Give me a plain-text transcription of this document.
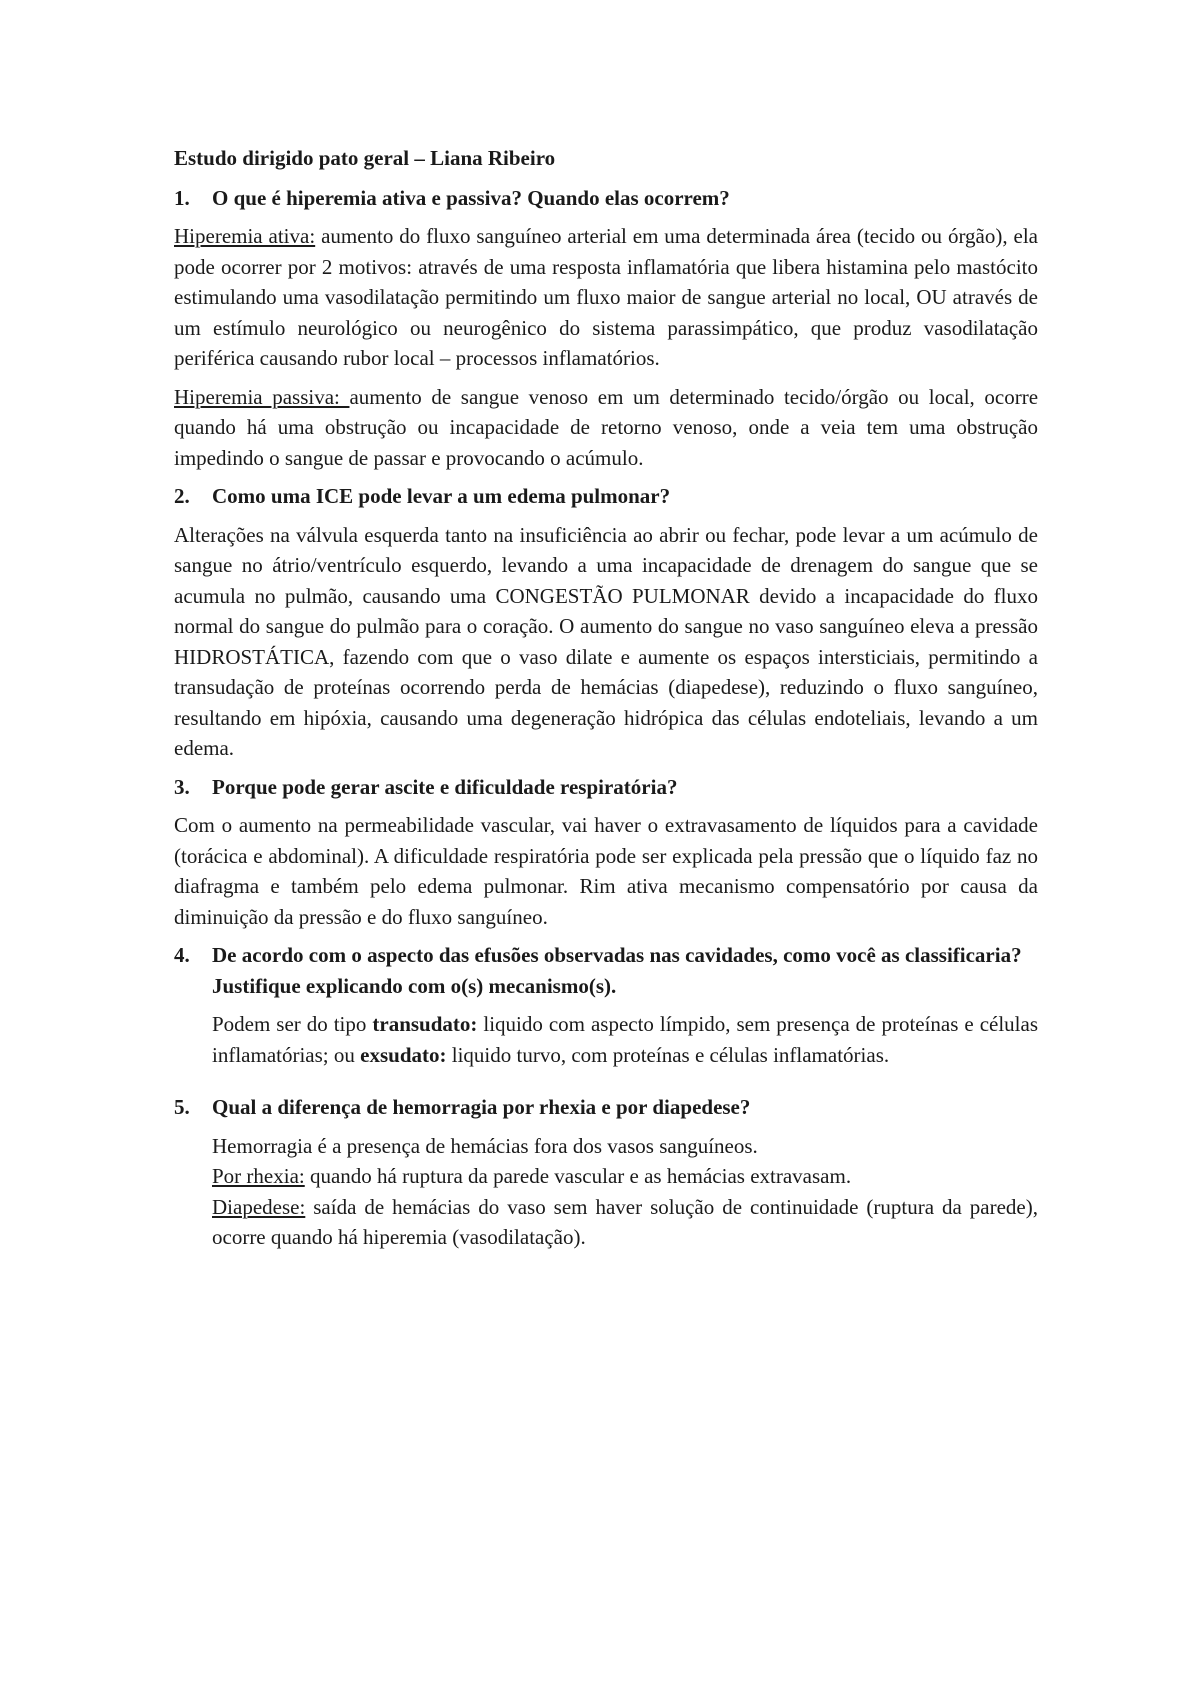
Estudo dirigido pato geral – Liana Ribeiro
1.	O que é hiperemia ativa e passiva? Quando elas ocorrem?

Hiperemia ativa: aumento do fluxo sanguíneo arterial em uma determinada área (tecido ou órgão), ela pode ocorrer por 2 motivos: através de uma resposta inflamatória que libera histamina pelo mastócito estimulando uma vasodilatação permitindo um fluxo maior de sangue arterial no local, OU através de um estímulo neurológico ou neurogênico do sistema parassimpático, que produz vasodilatação periférica causando rubor local – processos inflamatórios.

Hiperemia passiva: aumento de sangue venoso em um determinado tecido/órgão ou local, ocorre quando há uma obstrução ou incapacidade de retorno venoso, onde a veia tem uma obstrução impedindo o sangue de passar e provocando o acúmulo.

2.	Como uma ICE pode levar a um edema pulmonar?

Alterações na válvula esquerda tanto na insuficiência ao abrir ou fechar, pode levar a um acúmulo de sangue no átrio/ventrículo esquerdo, levando a uma incapacidade de drenagem do sangue que se acumula no pulmão, causando uma CONGESTÃO PULMONAR devido a incapacidade do fluxo normal do sangue do pulmão para o coração. O aumento do sangue no vaso sanguíneo eleva a pressão HIDROSTÁTICA, fazendo com que o vaso dilate e aumente os espaços intersticiais, permitindo a transudação de proteínas ocorrendo perda de hemácias (diapedese), reduzindo o fluxo sanguíneo, resultando em hipóxia, causando uma degeneração hidrópica das células endoteliais, levando a um edema.

3.	Porque pode gerar ascite e dificuldade respiratória?

Com o aumento na permeabilidade vascular, vai haver o extravasamento de líquidos para a cavidade (torácica e abdominal). A dificuldade respiratória pode ser explicada pela pressão que o líquido faz no diafragma e também pelo edema pulmonar. Rim ativa mecanismo compensatório por causa da diminuição da pressão e do fluxo sanguíneo.

4.	De acordo com o aspecto das efusões observadas nas cavidades, como você as classificaria? Justifique explicando com o(s) mecanismo(s).

Podem ser do tipo transudato: liquido com aspecto límpido, sem presença de proteínas e células inflamatórias; ou exsudato: liquido turvo, com proteínas e células inflamatórias.

5.	Qual a diferença de hemorragia por rhexia e por diapedese?

Hemorragia é a presença de hemácias fora dos vasos sanguíneos.

Por rhexia: quando há ruptura da parede vascular e as hemácias extravasam.

Diapedese: saída de hemácias do vaso sem haver solução de continuidade (ruptura da parede), ocorre quando há hiperemia (vasodilatação).
